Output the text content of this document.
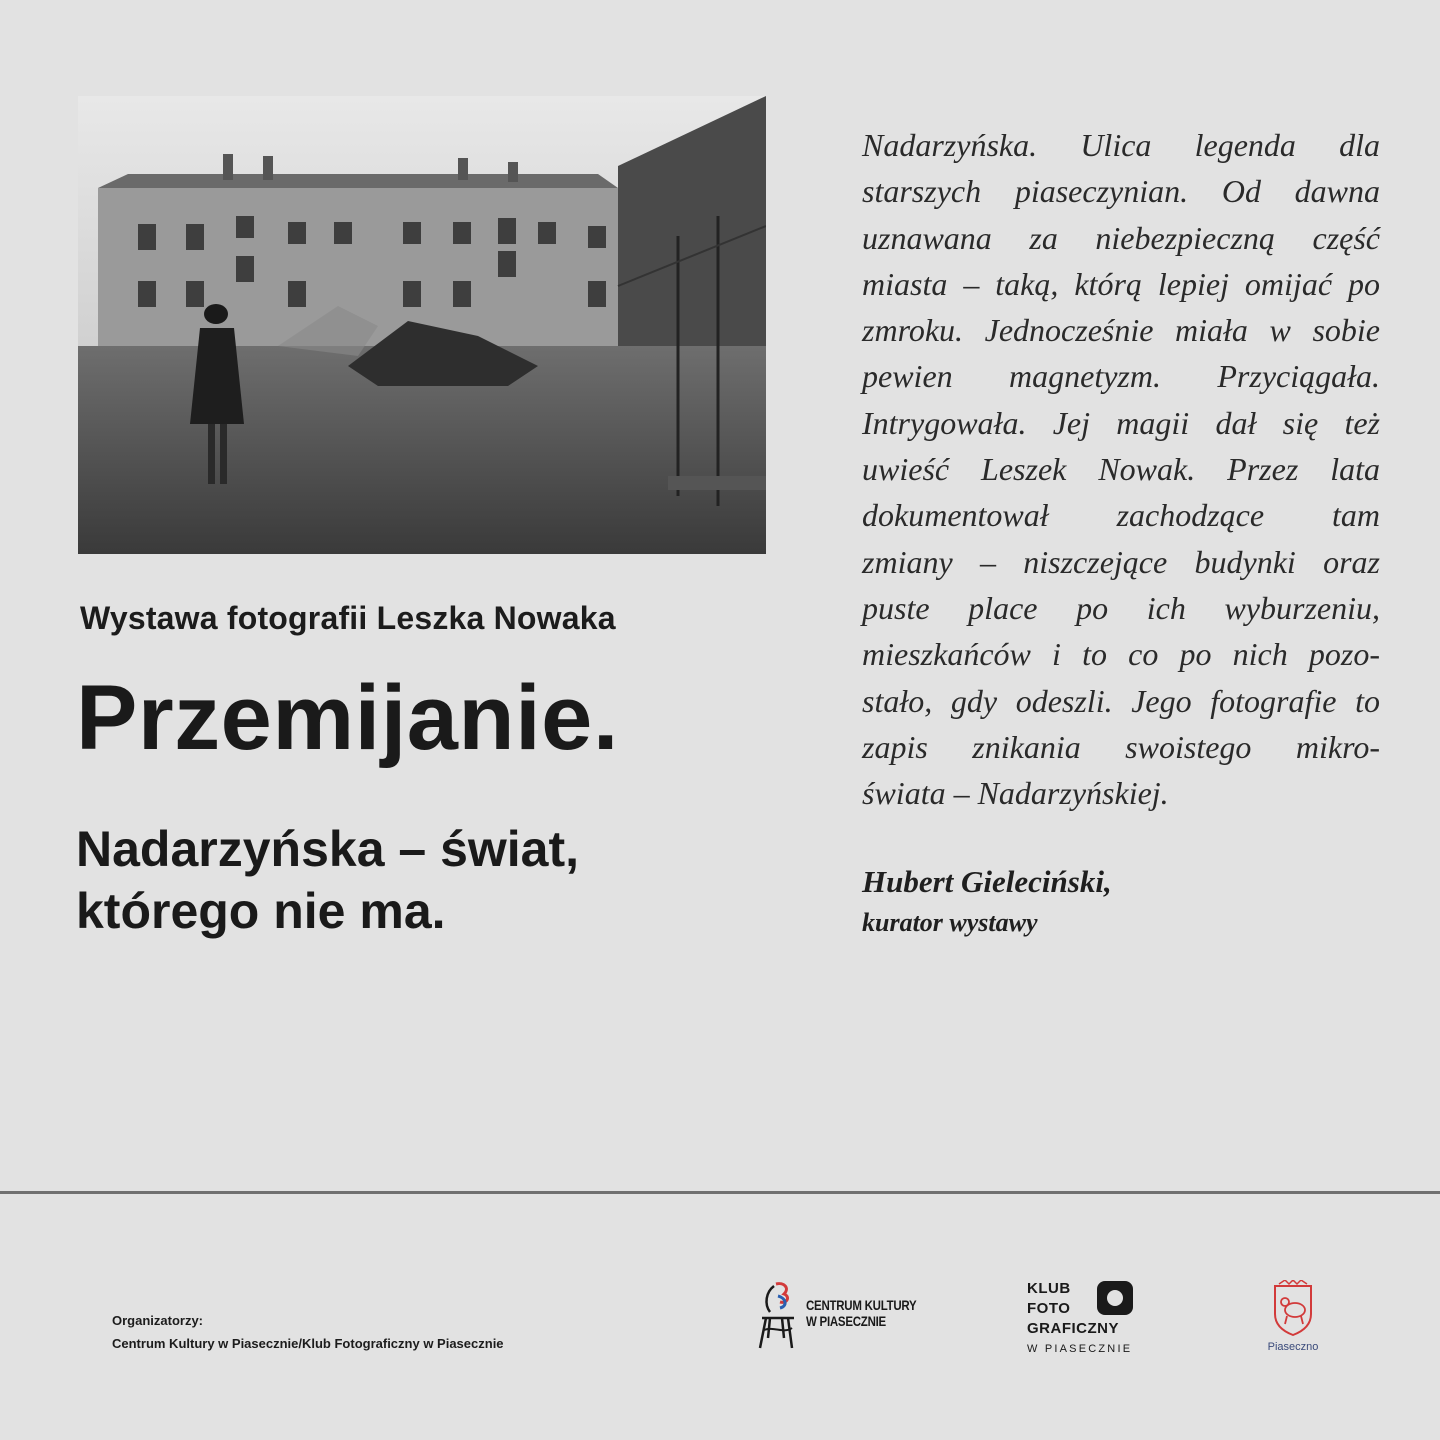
Wystawa fotografii Leszka Nowaka
Przemijanie.
Nadarzyńska – świat,
którego nie ma.
Nadarzyńska. Ulica legenda dla
starszych piaseczynian. Od dawna
uznawana za niebezpieczną część
miasta – taką, którą lepiej omijać po
zmroku. Jednocześnie miała w sobie
pewien magnetyzm. Przyciągała.
Intrygowała. Jej magii dał się też
uwieść Leszek Nowak. Przez lata
dokumentował zachodzące tam
zmiany – niszczejące budynki oraz
puste place po ich wyburzeniu,
mieszkańców i to co po nich pozo-
stało, gdy odeszli. Jego fotografie to
zapis znikania swoistego mikro-
świata – Nadarzyńskiej.
Hubert Gieleciński,
kurator wystawy
Organizatorzy:
Centrum Kultury w Piasecznie/Klub Fotograficzny w Piasecznie
CENTRUM KULTURY
W PIASECZNIE
KLUB
FOTO
GRAFICZNY
W PIASECZNIE	Piaseczno
